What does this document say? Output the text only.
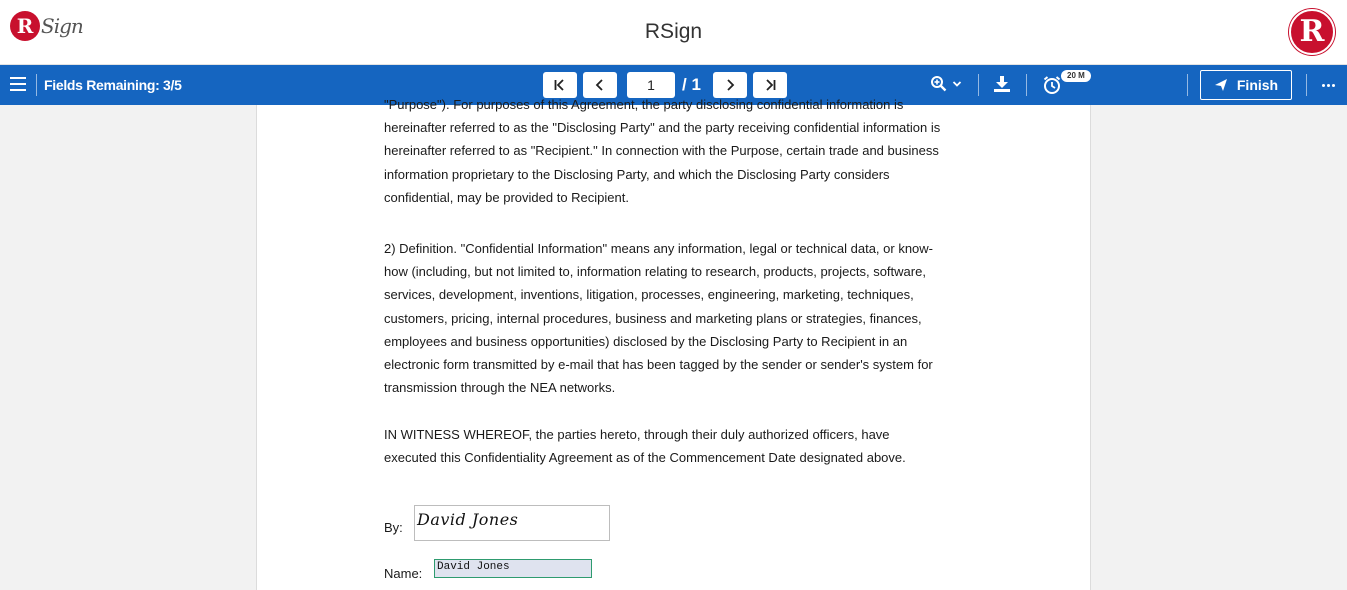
R Sign	RSign	R
Fields Remaining: 3/5
1	/ 1	Finish
20 M
"Purpose"). For purposes of this Agreement, the party disclosing confidential information is
hereinafter referred to as the "Disclosing Party" and the party receiving confidential information is
hereinafter referred to as "Recipient." In connection with the Purpose, certain trade and business
information proprietary to the Disclosing Party, and which the Disclosing Party considers
confidential, may be provided to Recipient.
2) Definition. "Confidential Information" means any information, legal or technical data, or know-
how (including, but not limited to, information relating to research, products, projects, software,
services, development, inventions, litigation, processes, engineering, marketing, techniques,
customers, pricing, internal procedures, business and marketing plans or strategies, finances,
employees and business opportunities) disclosed by the Disclosing Party to Recipient in an
electronic form transmitted by e-mail that has been tagged by the sender or sender's system for
transmission through the NEA networks.
IN WITNESS WHEREOF, the parties hereto, through their duly authorized officers, have
executed this Confidentiality Agreement as of the Commencement Date designated above.
By: David Jones
Name: David Jones
